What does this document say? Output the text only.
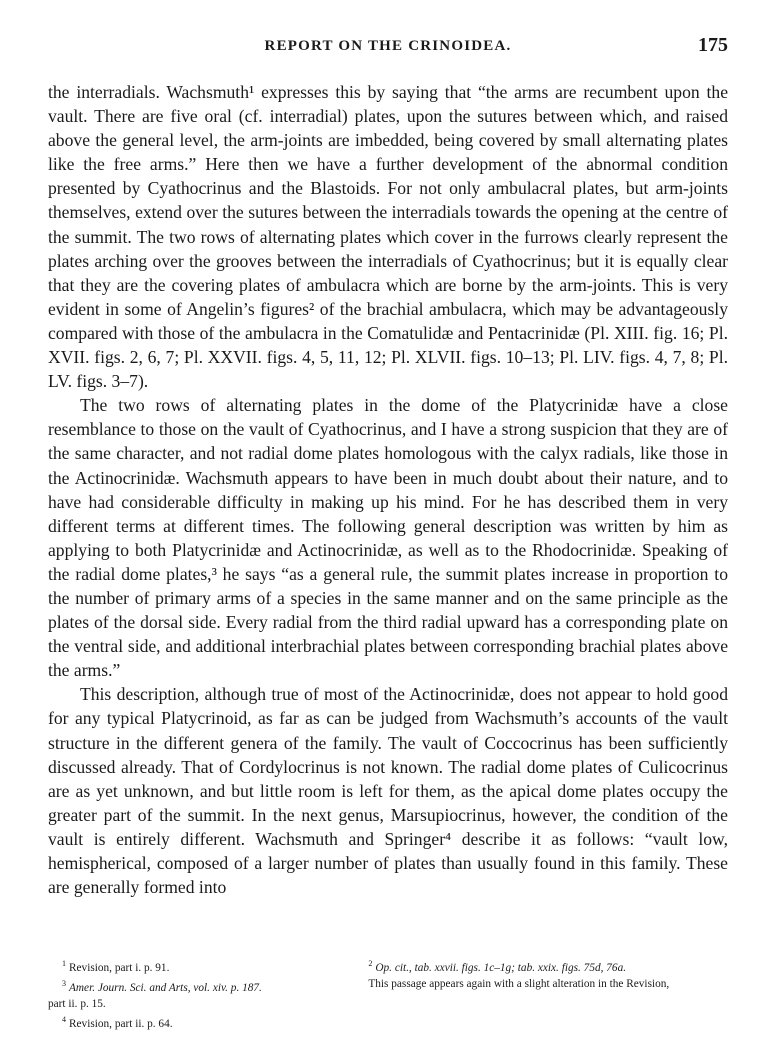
REPORT ON THE CRINOIDEA.	175

the interradials. Wachsmuth¹ expresses this by saying that “the arms are recumbent upon the vault. There are five oral (cf. interradial) plates, upon the sutures between which, and raised above the general level, the arm-joints are imbedded, being covered by small alternating plates like the free arms.” Here then we have a further development of the abnormal condition presented by Cyathocrinus and the Blastoids. For not only ambulacral plates, but arm-joints themselves, extend over the sutures between the interradials towards the opening at the centre of the summit. The two rows of alternating plates which cover in the furrows clearly represent the plates arching over the grooves between the interradials of Cyathocrinus; but it is equally clear that they are the covering plates of ambulacra which are borne by the arm-joints. This is very evident in some of Angelin’s figures² of the brachial ambulacra, which may be advantageously compared with those of the ambulacra in the Comatulidæ and Pentacrinidæ (Pl. XIII. fig. 16; Pl. XVII. figs. 2, 6, 7; Pl. XXVII. figs. 4, 5, 11, 12; Pl. XLVII. figs. 10–13; Pl. LIV. figs. 4, 7, 8; Pl. LV. figs. 3–7).

The two rows of alternating plates in the dome of the Platycrinidæ have a close resemblance to those on the vault of Cyathocrinus, and I have a strong suspicion that they are of the same character, and not radial dome plates homologous with the calyx radials, like those in the Actinocrinidæ. Wachsmuth appears to have been in much doubt about their nature, and to have had considerable difficulty in making up his mind. For he has described them in very different terms at different times. The following general description was written by him as applying to both Platycrinidæ and Actinocrinidæ, as well as to the Rhodocrinidæ. Speaking of the radial dome plates,³ he says “as a general rule, the summit plates increase in proportion to the number of primary arms of a species in the same manner and on the same principle as the plates of the dorsal side. Every radial from the third radial upward has a corresponding plate on the ventral side, and additional interbrachial plates between corresponding brachial plates above the arms.”

This description, although true of most of the Actinocrinidæ, does not appear to hold good for any typical Platycrinoid, as far as can be judged from Wachsmuth’s accounts of the vault structure in the different genera of the family. The vault of Coccocrinus has been sufficiently discussed already. That of Cordylocrinus is not known. The radial dome plates of Culicocrinus are as yet unknown, and but little room is left for them, as the apical dome plates occupy the greater part of the summit. In the next genus, Marsupiocrinus, however, the condition of the vault is entirely different. Wachsmuth and Springer⁴ describe it as follows: “vault low, hemispherical, composed of a larger number of plates than usually found in this family. These are generally formed into

$^1$ Revision, part i. p. 91.	$^2$ Op. cit., tab. xxvii. figs. 1c–1g; tab. xxix. figs. 75d, 76a.
$^3$ Amer. Journ. Sci. and Arts, vol. xiv. p. 187.	This passage appears again with a slight alteration in the Revision,
part ii. p. 15.
$^4$ Revision, part ii. p. 64.
